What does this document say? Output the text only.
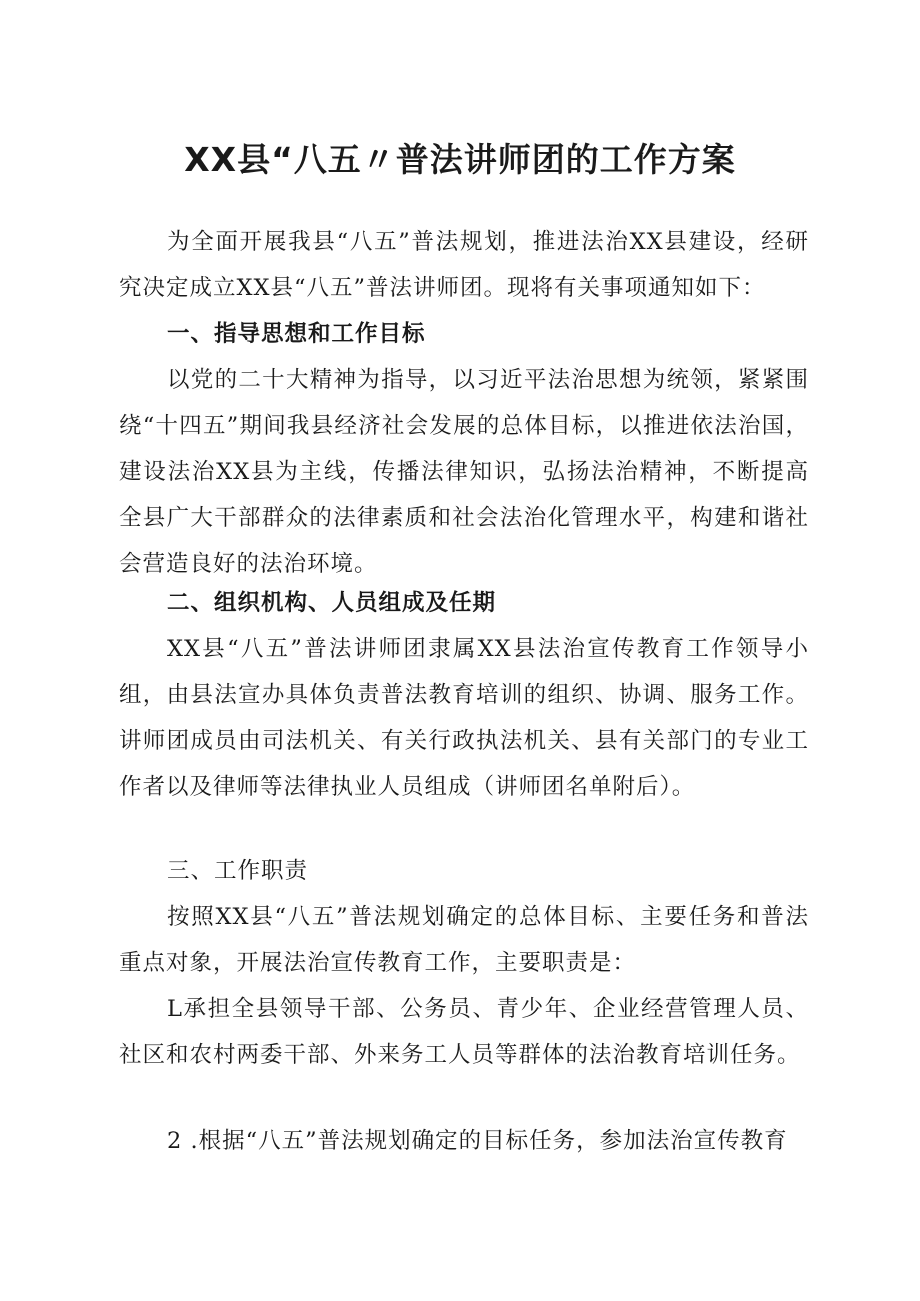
XX县“八五〃普法讲师团的工作方案

为全面开展我县“八五”普法规划，推进法治XX县建设，经研究决定成立XX县“八五”普法讲师团。现将有关事项通知如下：

一、指导思想和工作目标

以党的二十大精神为指导，以习近平法治思想为统领，紧紧围绕“十四五”期间我县经济社会发展的总体目标，以推进依法治国，建设法治XX县为主线，传播法律知识，弘扬法治精神，不断提高全县广大干部群众的法律素质和社会法治化管理水平，构建和谐社会营造良好的法治环境。

二、组织机构、人员组成及任期

XX县“八五”普法讲师团隶属XX县法治宣传教育工作领导小组，由县法宣办具体负责普法教育培训的组织、协调、服务工作。讲师团成员由司法机关、有关行政执法机关、县有关部门的专业工作者以及律师等法律执业人员组成（讲师团名单附后）。

三、工作职责

按照XX县“八五”普法规划确定的总体目标、主要任务和普法重点对象，开展法治宣传教育工作，主要职责是：

L承担全县领导干部、公务员、青少年、企业经营管理人员、社区和农村两委干部、外来务工人员等群体的法治教育培训任务。

2 .根据“八五”普法规划确定的目标任务，参加法治宣传教育
